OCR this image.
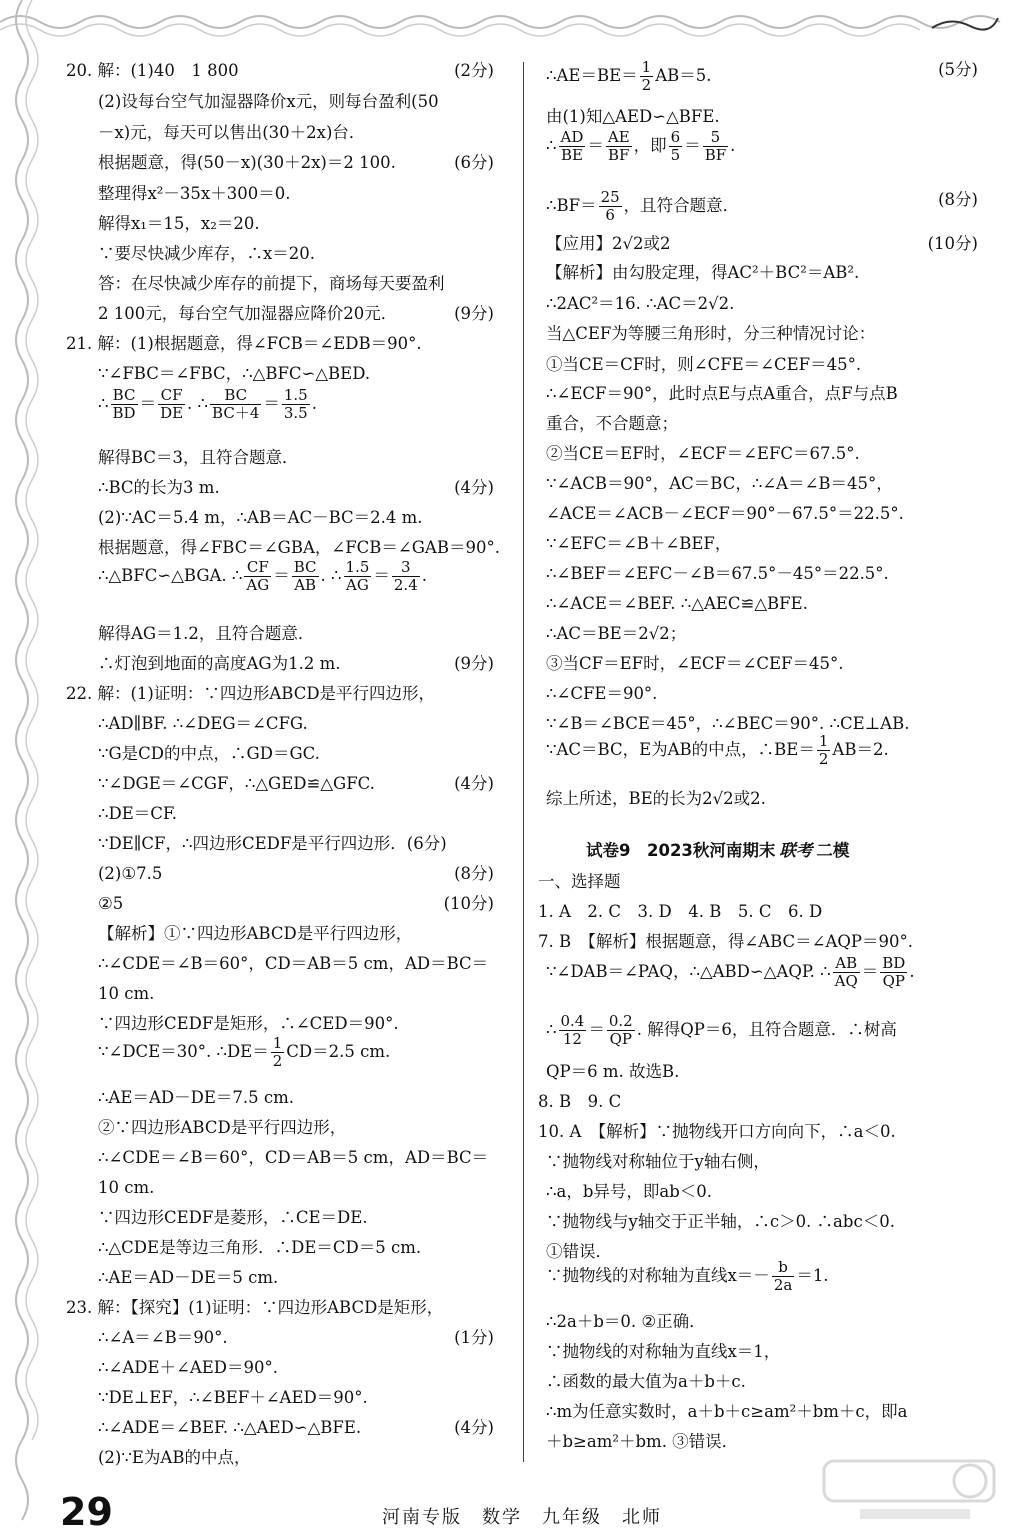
20. 解：(1)40　1 800	(2分)
(2)设每台空气加湿器降价x元，则每台盈利(50
－x)元，每天可以售出(30＋2x)台．
根据题意，得(50－x)(30＋2x)＝2 100.	(6分)
整理得x²－35x＋300＝0.
解得x₁＝15，x₂＝20.
∵要尽快减少库存，∴x＝20.
答：在尽快减少库存的前提下，商场每天要盈利
2 100元，每台空气加湿器应降价20元．	(9分)
21. 解：(1)根据题意，得∠FCB＝∠EDB＝90°.
∵∠FBC＝∠FBC，∴△BFC∽△BED.
∴ $\frac{BC}{BD} = \frac{CF}{DE}$ . ∴ $\frac{BC}{BC+4} = \frac{1.5}{3.5}$ .
解得BC＝3，且符合题意．
∴BC的长为3 m.	(4分)
(2)∵AC＝5.4 m，∴AB＝AC－BC＝2.4 m.
根据题意，得∠FBC＝∠GBA，∠FCB＝∠GAB＝90°.
∴△BFC∽△BGA. ∴ $\frac{CF}{AG} = \frac{BC}{AB}$ . ∴ $\frac{1.5}{AG} = \frac{3}{2.4}$ .
解得AG＝1.2，且符合题意．
∴灯泡到地面的高度AG为1.2 m.	(9分)
22. 解：(1)证明：∵四边形ABCD是平行四边形，
∴AD∥BF. ∴∠DEG＝∠CFG.
∵G是CD的中点，∴GD＝GC.
∵∠DGE＝∠CGF，∴△GED≌△GFC.	(4分)
∴DE＝CF.
∵DE∥CF，∴四边形CEDF是平行四边形．(6分)
(2)①7.5	(8分)
②5	(10分)
【解析】①∵四边形ABCD是平行四边形，
∴∠CDE＝∠B＝60°，CD＝AB＝5 cm，AD＝BC＝
10 cm.
∵四边形CEDF是矩形，∴∠CED＝90°.
∵∠DCE＝30°. ∴DE＝ $\frac{1}{2} CD=2.5$ cm.
∴AE＝AD－DE＝7.5 cm.
②∵四边形ABCD是平行四边形，
∴∠CDE＝∠B＝60°，CD＝AB＝5 cm，AD＝BC＝
10 cm.
∵四边形CEDF是菱形，∴CE＝DE.
∴△CDE是等边三角形．∴DE＝CD＝5 cm.
∴AE＝AD－DE＝5 cm.
23. 解：【探究】(1)证明：∵四边形ABCD是矩形，
∴∠A＝∠B＝90°.	(1分)
∴∠ADE＋∠AED＝90°.
∵DE⊥EF，∴∠BEF＋∠AED＝90°.
∴∠ADE＝∠BEF. ∴△AED∽△BFE.	(4分)
(2)∵E为AB的中点，
∴AE＝BE＝ $\frac{1}{2} AB=5$.	(5分)
由(1)知△AED∽△BFE.
∴ $\frac{AD}{BE} = \frac{AE}{BF}$ ，即 $\frac{6}{5} = \frac{5}{BF}$ .
∴BF＝ $\frac{25}{6}$ ，且符合题意．	(8分)
【应用】2√2或2	(10分)
【解析】由勾股定理，得AC²＋BC²＝AB².
∴2AC²＝16. ∴AC＝2√2.
当△CEF为等腰三角形时，分三种情况讨论：
①当CE＝CF时，则∠CFE＝∠CEF＝45°.
∴∠ECF＝90°，此时点E与点A重合，点F与点B
重合，不合题意；
②当CE＝EF时，∠ECF＝∠EFC＝67.5°.
∵∠ACB＝90°，AC＝BC，∴∠A＝∠B＝45°，
∠ACE＝∠ACB－∠ECF＝90°－67.5°＝22.5°.
∵∠EFC＝∠B＋∠BEF，
∴∠BEF＝∠EFC－∠B＝67.5°－45°＝22.5°.
∴∠ACE＝∠BEF. ∴△AEC≌△BFE.
∴AC＝BE＝2√2；
③当CF＝EF时，∠ECF＝∠CEF＝45°.
∴∠CFE＝90°.
∵∠B＝∠BCE＝45°，∴∠BEC＝90°. ∴CE⊥AB.
∵AC＝BC，E为AB的中点，∴BE＝ $\frac{1}{2} AB=2$.
综上所述，BE的长为2√2或2.
试卷9　2023秋河南期末 联考 二模
一、选择题
1. A　2. C　3. D　4. B　5. C　6. D
7. B　【解析】根据题意，得∠ABC＝∠AQP＝90°.
∵∠DAB＝∠PAQ，∴△ABD∽△AQP. ∴ $\frac{AB}{AQ} = \frac{BD}{QP}$ .
∴ $\frac{0.4}{12} = \frac{0.2}{QP}$ . 解得QP＝6，且符合题意．∴树高
QP＝6 m. 故选B.
8. B　9. C
10. A　【解析】∵抛物线开口方向向下，∴a＜0.
∵抛物线对称轴位于y轴右侧，
∴a，b异号，即ab＜0.
∵抛物线与y轴交于正半轴，∴c＞0. ∴abc＜0.
①错误．
∵抛物线的对称轴为直线$x=- \frac{b}{2a} =1$.
∴2a＋b＝0. ②正确．
∵抛物线的对称轴为直线x＝1，
∴函数的最大值为a＋b＋c.
∴m为任意实数时，a＋b＋c≥am²＋bm＋c，即a
＋b≥am²＋bm. ③错误．
29	河南专版　数学　九年级　北师
